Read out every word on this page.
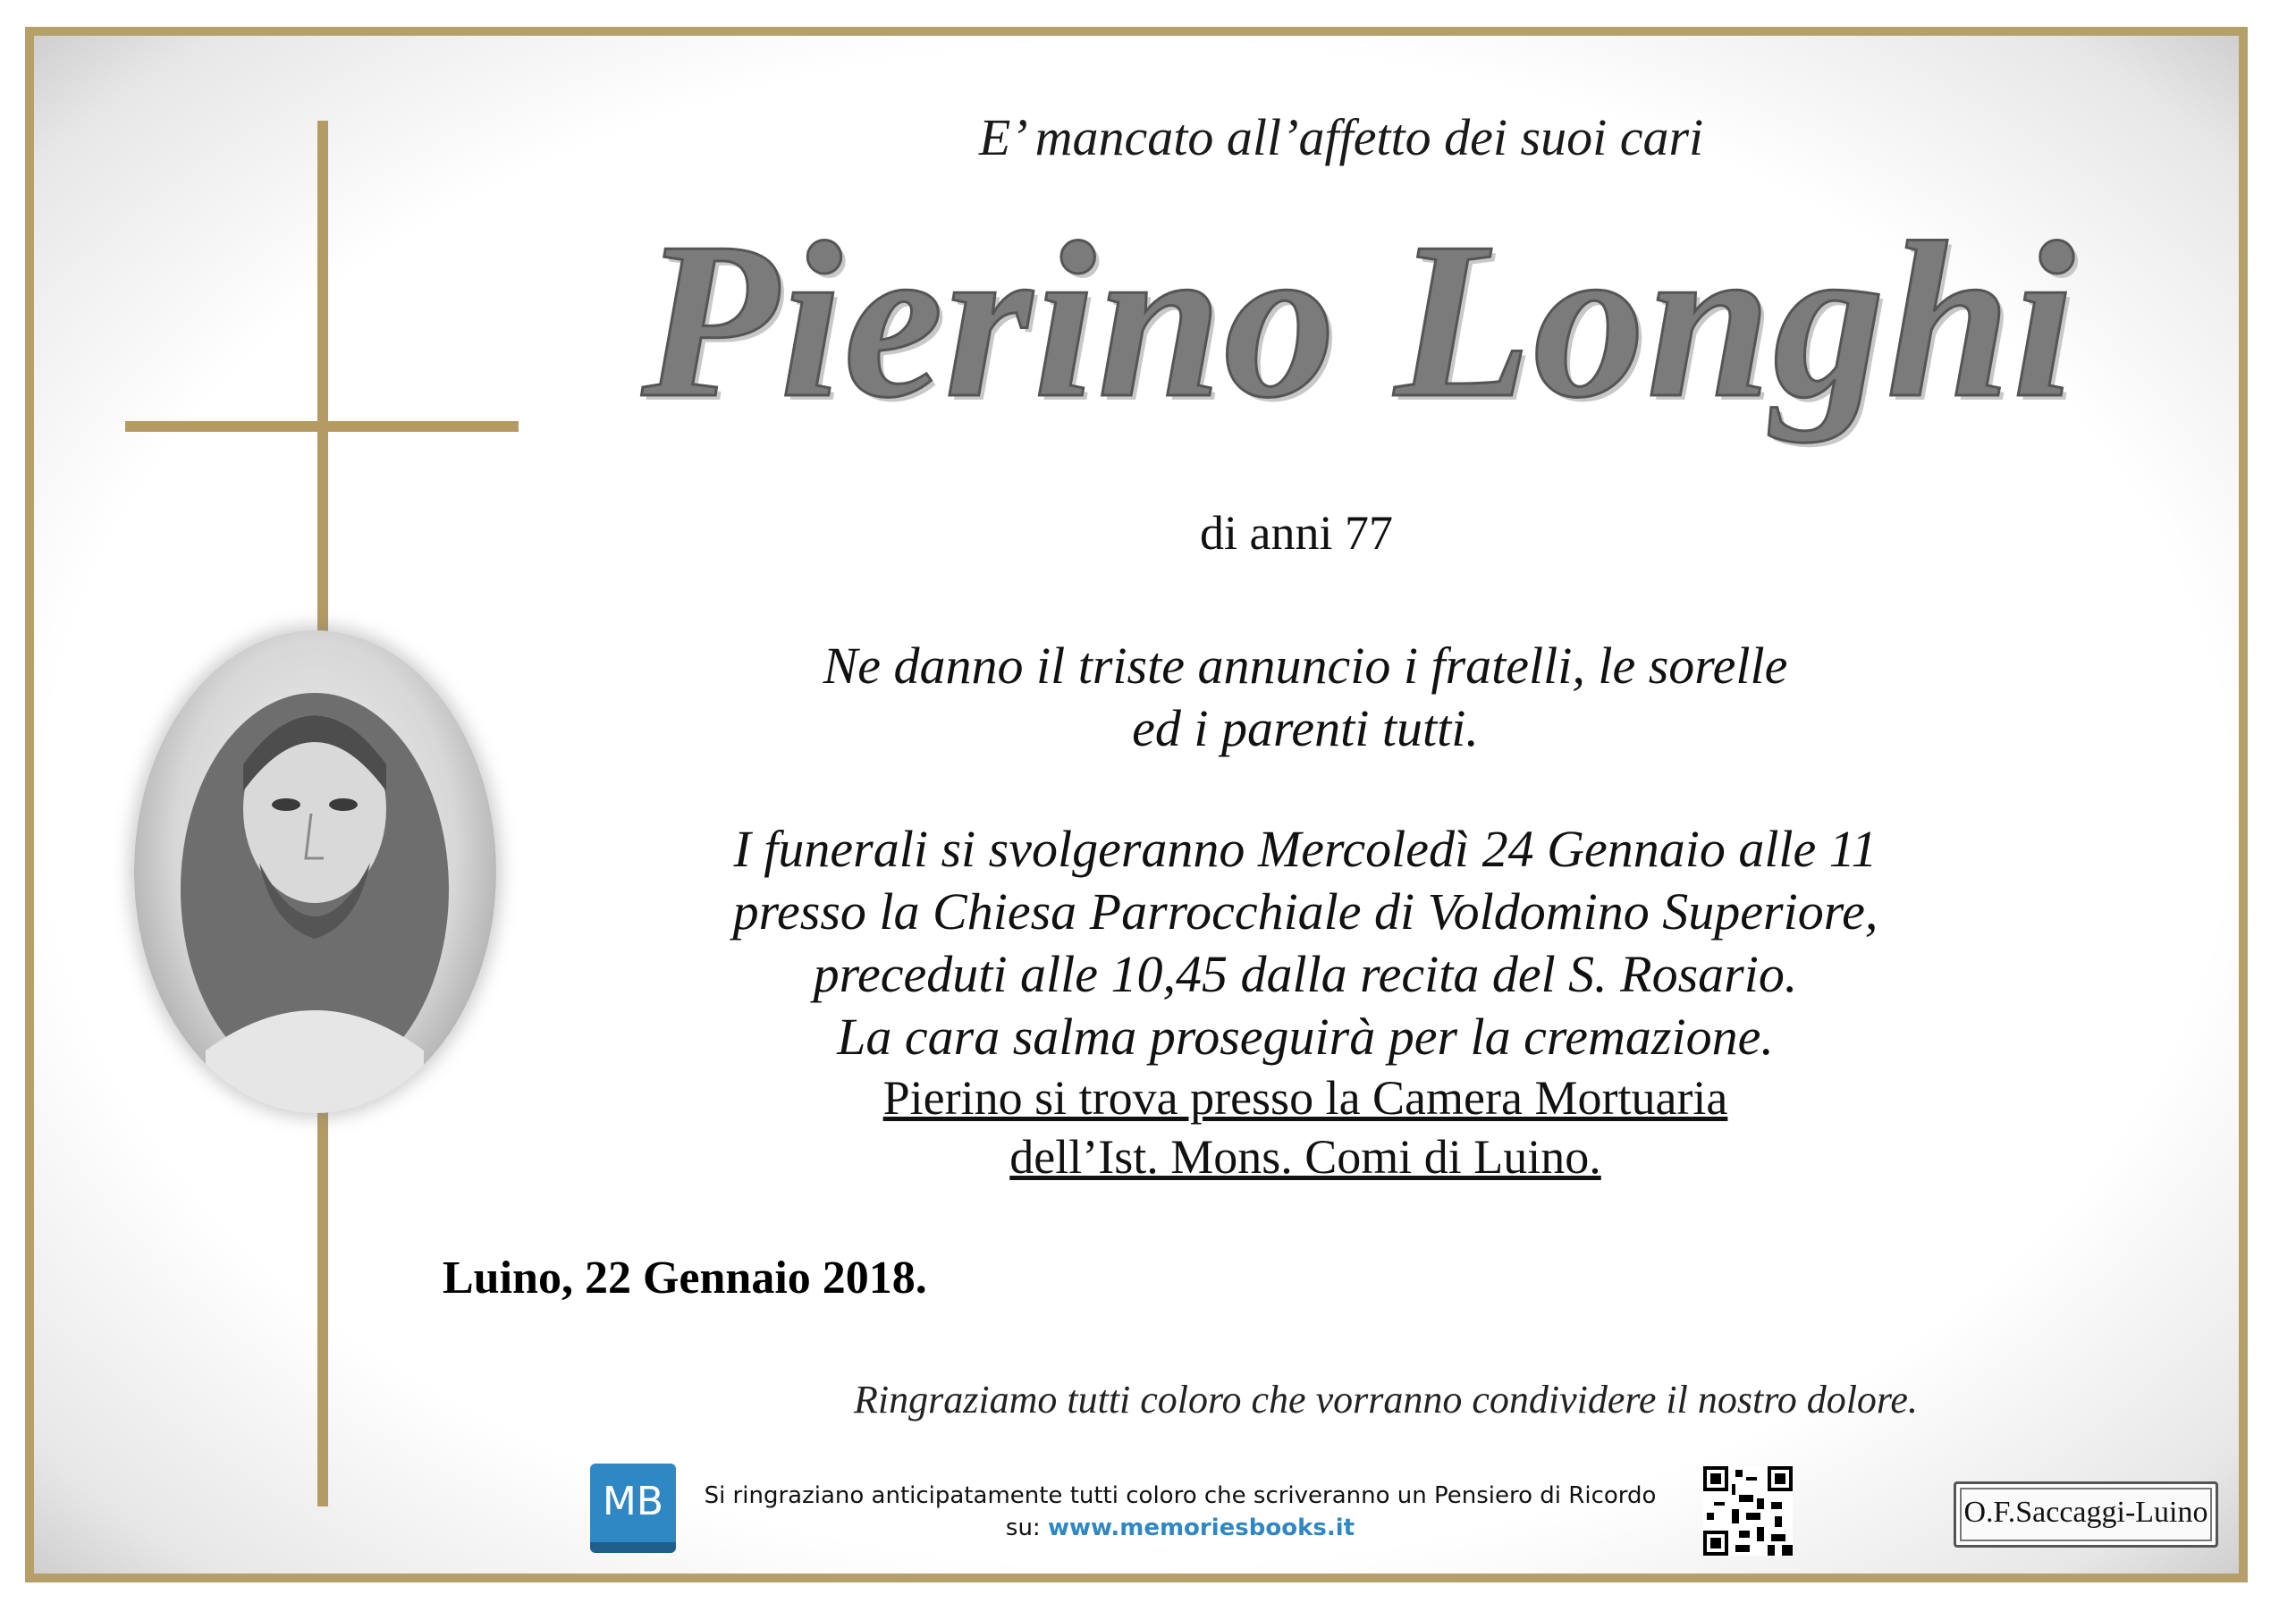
E’ mancato all’affetto dei suoi cari
Pierino Longhi
di anni 77
Ne danno il triste annuncio i fratelli, le sorelle
ed i parenti tutti.
I funerali si svolgeranno Mercoledì 24 Gennaio alle 11
presso la Chiesa Parrocchiale di Voldomino Superiore,
preceduti alle 10,45 dalla recita del S. Rosario.
La cara salma proseguirà per la cremazione.
Pierino si trova presso la Camera Mortuaria
dell’Ist. Mons. Comi di Luino.
Luino, 22 Gennaio 2018.
Ringraziamo tutti coloro che vorranno condividere il nostro dolore.
MB	Si ringraziano anticipatamente tutti coloro che scriveranno un Pensiero di Ricordo
su: www.memoriesbooks.it	O.F.Saccaggi-Luino
